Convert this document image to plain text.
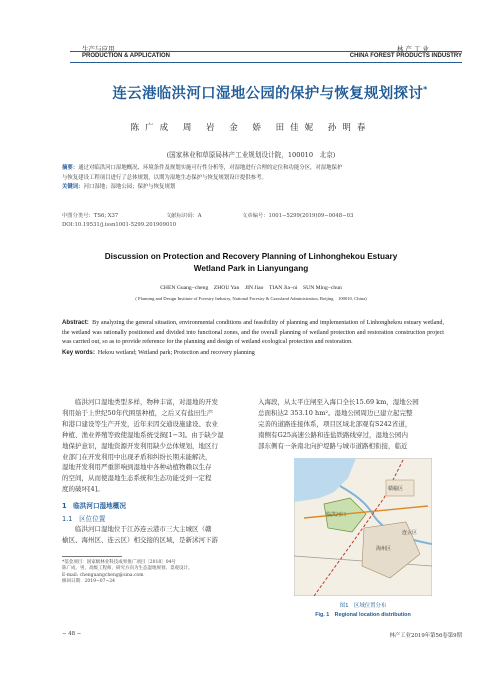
生产与应用
PRODUCTION & APPLICATION
林 产 工 业
CHINA FOREST PRODUCTS INDUSTRY
连云港临洪河口湿地公园的保护与恢复规划探讨*
陈广成 周 岩 金 娇 田佳妮 孙明春
(国家林业和草原局林产工业规划设计院，100010　北京)
摘要：通过对临洪河口湿地概况、环境条件及规划实施可行性分析等，对湿地进行合理的定位和功能分区，对湿地保护
与恢复建设工程项目进行了总体规划，以期为湿地生态保护与恢复规划设计提供参考。
关键词：河口湿地；湿地公园；保护与恢复规划
中图分类号：TS6; X37	文献标识码：A	文章编号：1001−5299(2019)09−0048−03
DOI:10.19531/j.issn1001-5299.201909010
Discussion on Protection and Recovery Planning of Linhonghekou Estuary
Wetland Park in Lianyungang
CHEN Guang−cheng　ZHOU Yan　JIN Jiao　TIAN Jia−ni　SUN Ming−chun
( Planning and Design Institute of Forestry Industry, National Forestry & Grassland Administration, Beijing　100010, China)
Abstract: By analyzing the general situation, environmental conditions and feasibility of planning and implementation of Linhonghekou estuary wetland, the wetland was rationally positioned and divided into functional zones, and the overall planning of wetland protection and restoration construction project was carried out, so as to provide reference for the planning and design of wetland ecological protection and restoration.
Key words: Hekou wetland; Wetland park; Protection and recovery planning
临洪河口湿地类型多样，物种丰富，对湿地的开发
利用始于上世纪50年代围垦种植，之后又有盐田生产
和港口建设等生产开发，近年来因交通设施建设、农业
种植、渔业养殖等致使湿地系统受损[1−3]。由于缺少湿
地保护意识，湿地资源开发利用缺少总体规划，地区行
业部门在开发利用中出现矛盾和纠纷长期未能解决，
湿地开发利用严重影响到湿地中各种动植物赖以生存
的空间，从而使湿地生态系统和生态功能受到一定程
度的破坏[4]。
1　临洪河口湿地概况
1.1　区位位置
临洪河口湿地位于江苏连云港市三大主城区（赣
榆区、海州区、连云区）相交接的区域，是新沭河下游
*基金项目：国家级林业科技成果推广项目〔2018〕04号
陈广成，男，高级工程师，研究方向为生态湿地规划、景观设计。
E-mail: chenguangcheng@sina.com
修回日期：2019−07−24
入海段，从太平庄闸至入海口全长15.69 km，湿地公园
总面积达2 353.10 hm²。湿地公园周边已建立起完整
完善的道路连接体系，项目区域北部观有S242省道，
南侧有G25高速公路和连盐铁路线穿过，湿地公园内
部东侧有一条南北向护堤路与城市道路相衔接，临近
临洪河口
赣榆区
海州区
连云区
图1　区域位置分布
Fig. 1　Regional location distribution
− 48 −	林产工业2019年第56卷第9期
